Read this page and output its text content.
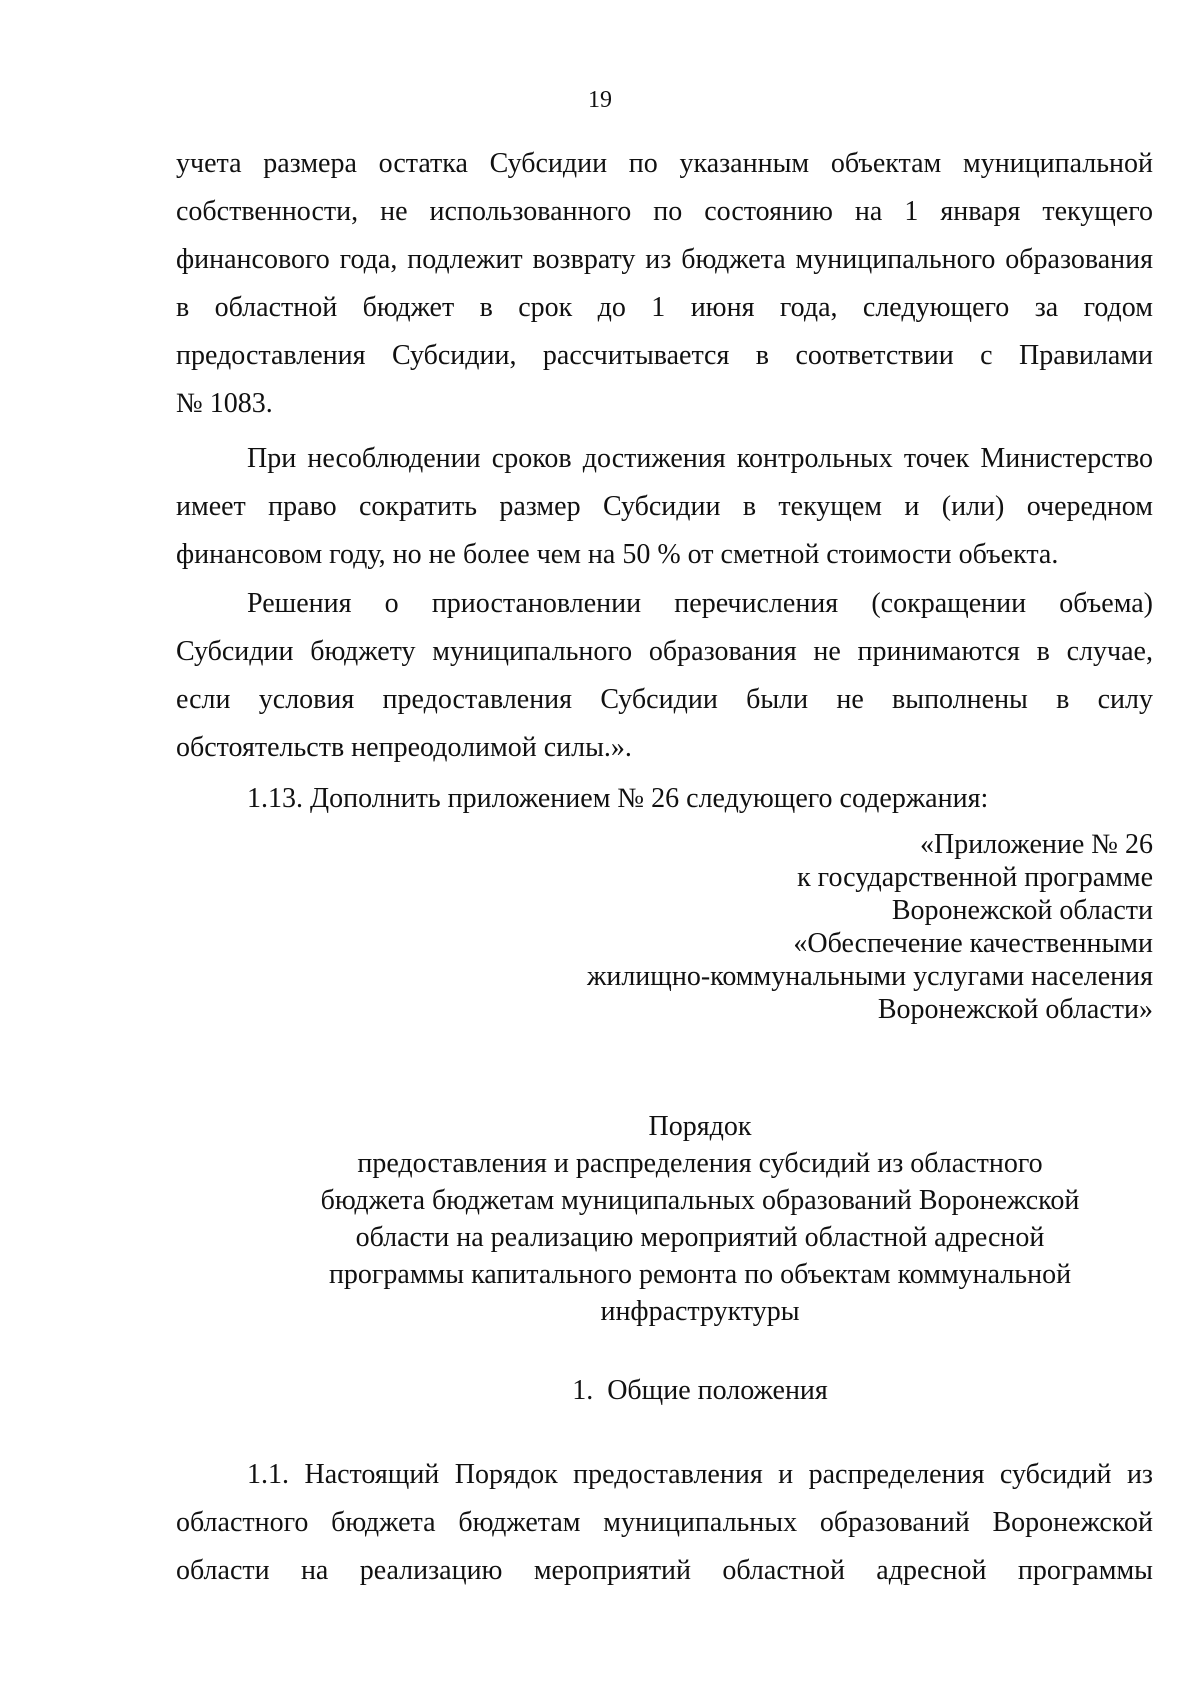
19
учета размера остатка Субсидии по указанным объектам муниципальной
собственности, не использованного по состоянию на 1 января текущего
финансового года, подлежит возврату из бюджета муниципального образования
в областной бюджет в срок до 1 июня года, следующего за годом
предоставления Субсидии, рассчитывается в соответствии с Правилами
№ 1083.
При несоблюдении сроков достижения контрольных точек Министерство
имеет право сократить размер Субсидии в текущем и (или) очередном
финансовом году, но не более чем на 50 % от сметной стоимости объекта.
Решения о приостановлении перечисления (сокращении объема)
Субсидии бюджету муниципального образования не принимаются в случае,
если условия предоставления Субсидии были не выполнены в силу
обстоятельств непреодолимой силы.».
1.13. Дополнить приложением № 26 следующего содержания:
«Приложение № 26
к государственной программе
Воронежской области
«Обеспечение качественными
жилищно-коммунальными услугами населения
Воронежской области»
Порядок
предоставления и распределения субсидий из областного
бюджета бюджетам муниципальных образований Воронежской
области на реализацию мероприятий областной адресной
программы капитального ремонта по объектам коммунальной
инфраструктуры
1.  Общие положения
1.1. Настоящий Порядок предоставления и распределения субсидий из
областного бюджета бюджетам муниципальных образований Воронежской
области на реализацию мероприятий областной адресной программы
